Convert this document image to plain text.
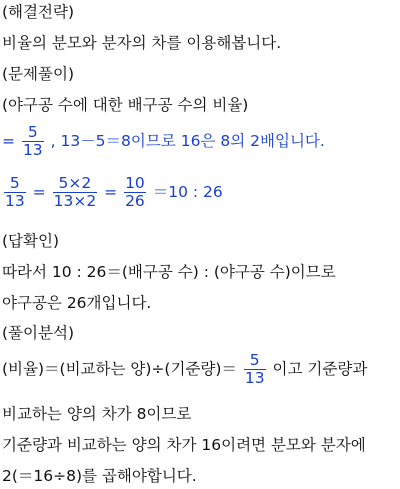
(해결전략)
비율의 분모와 분자의 차를 이용해봅니다.
(문제풀이)
(야구공 수에 대한 배구공 수의 비율)
= $\frac{5}{13}$ , 13－5＝8이므로 16은 8의 2배입니다.
$\frac{5}{13} = \frac{5\times 2}{13\times 2} = \frac{10}{26} =10$ : 26
(답확인)
따라서 10 : 26＝(배구공 수) : (야구공 수)이므로
야구공은 26개입니다.
(풀이분석)
(비율)＝(비교하는 양)÷(기준량)＝ $\frac{5}{13}$ 이고 기준량과
비교하는 양의 차가 8이므로
기준량과 비교하는 양의 차가 16이려면 분모와 분자에
2(＝16÷8)를 곱해야합니다.
